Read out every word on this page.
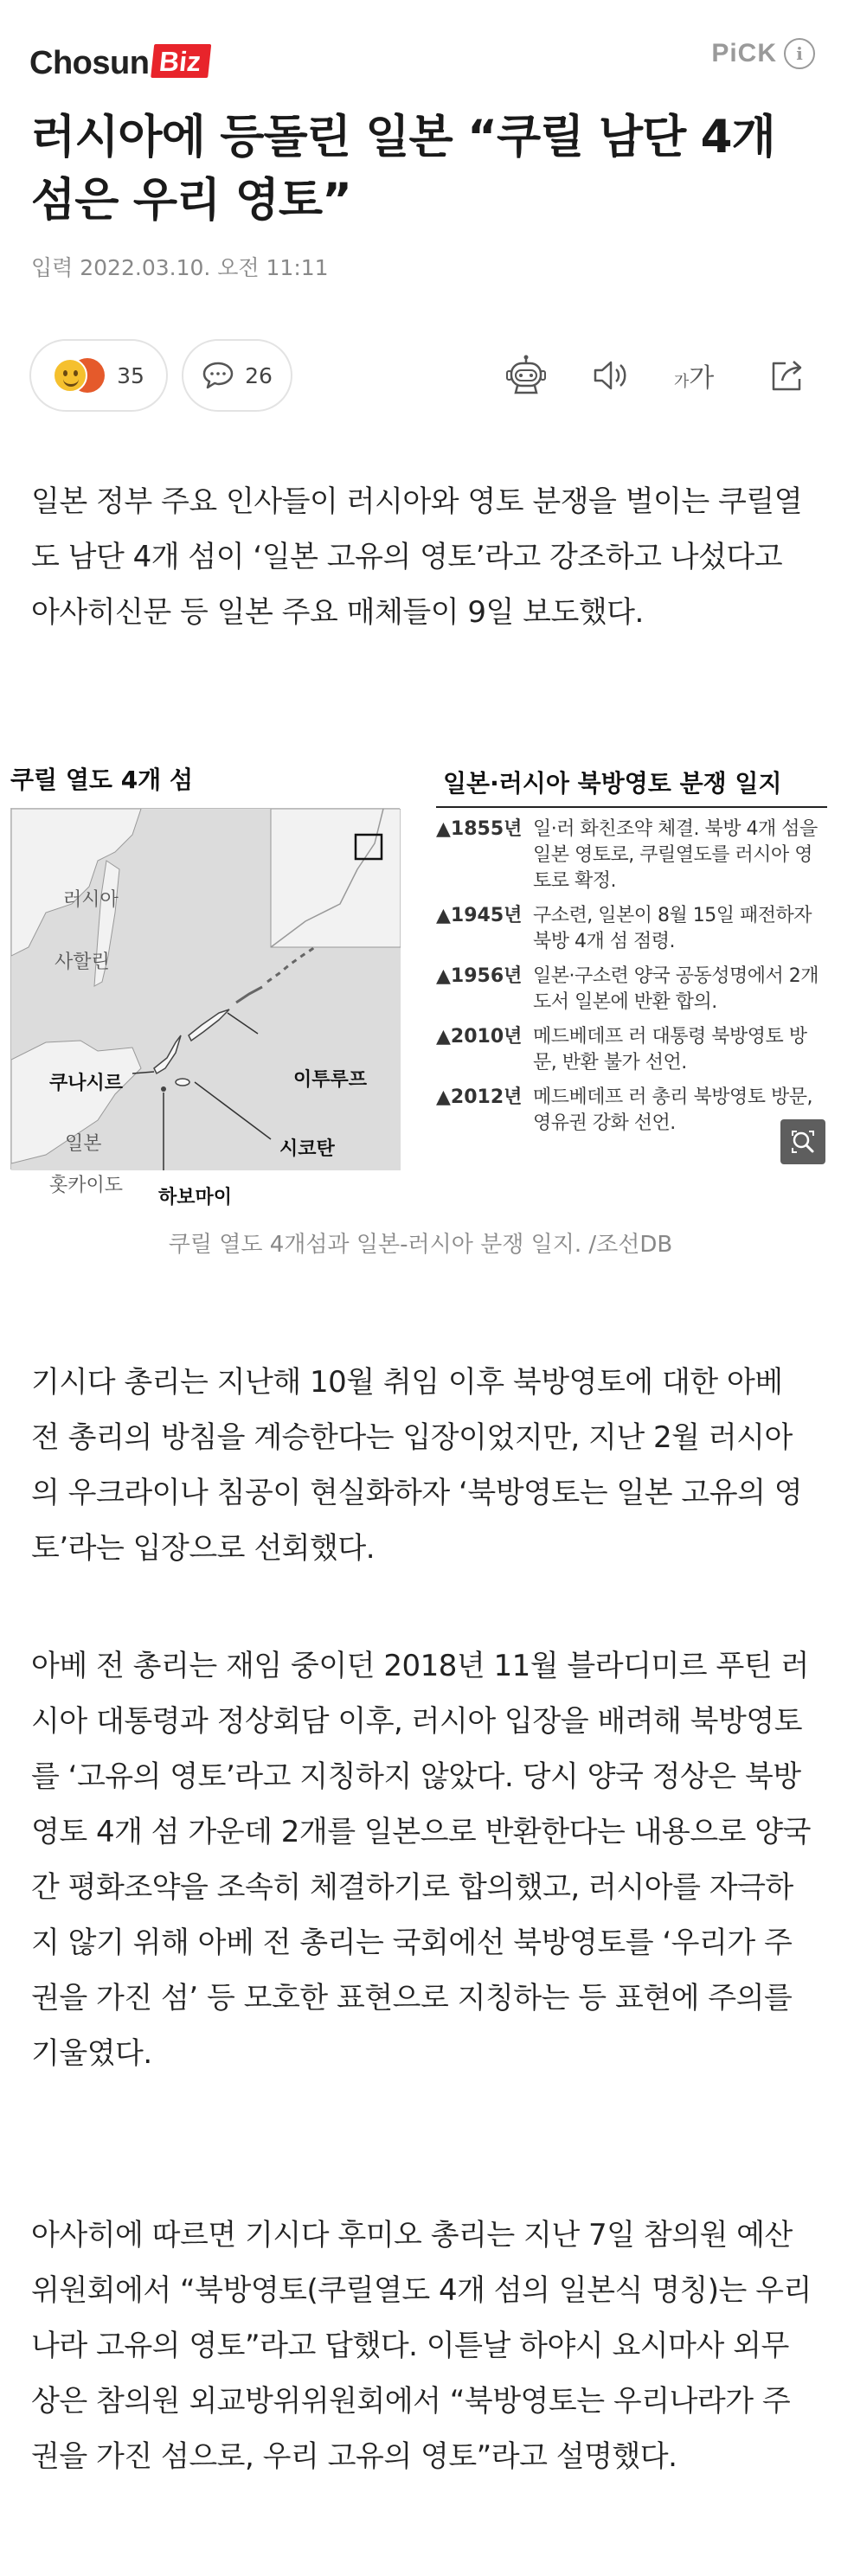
Chosun Biz	PiCK	i
러시아에 등돌린 일본 “쿠릴 남단 4개 섬은 우리 영토”
입력 2022.03.10. 오전 11:11
35	26	가가

일본 정부 주요 인사들이 러시아와 영토 분쟁을 벌이는 쿠릴열도 남단 4개 섬이 ‘일본 고유의 영토’라고 강조하고 나섰다고 아사히신문 등 일본 주요 매체들이 9일 보도했다.

쿠릴 열도 4개 섬
러시아
사할린
쿠나시르	이투루프
일본	시코탄
홋카이도
하보마이
일본·러시아 북방영토 분쟁 일지
▲1855년 일·러 화친조약 체결. 북방 4개 섬을 일본 영토로, 쿠릴열도를 러시아 영토로 확정.
▲1945년 구소련, 일본이 8월 15일 패전하자 북방 4개 섬 점령.
▲1956년 일본·구소련 양국 공동성명에서 2개 도서 일본에 반환 합의.
▲2010년 메드베데프 러 대통령 북방영토 방문, 반환 불가 선언.
▲2012년 메드베데프 러 총리 북방영토 방문, 영유권 강화 선언.
쿠릴 열도 4개섬과 일본-러시아 분쟁 일지. /조선DB

기시다 총리는 지난해 10월 취임 이후 북방영토에 대한 아베 전 총리의 방침을 계승한다는 입장이었지만, 지난 2월 러시아의 우크라이나 침공이 현실화하자 ‘북방영토는 일본 고유의 영토’라는 입장으로 선회했다.

아베 전 총리는 재임 중이던 2018년 11월 블라디미르 푸틴 러시아 대통령과 정상회담 이후, 러시아 입장을 배려해 북방영토를 ‘고유의 영토’라고 지칭하지 않았다. 당시 양국 정상은 북방영토 4개 섬 가운데 2개를 일본으로 반환한다는 내용으로 양국 간 평화조약을 조속히 체결하기로 합의했고, 러시아를 자극하지 않기 위해 아베 전 총리는 국회에선 북방영토를 ‘우리가 주권을 가진 섬’ 등 모호한 표현으로 지칭하는 등 표현에 주의를 기울였다.

아사히에 따르면 기시다 후미오 총리는 지난 7일 참의원 예산위원회에서 “북방영토(쿠릴열도 4개 섬의 일본식 명칭)는 우리나라 고유의 영토”라고 답했다. 이튿날 하야시 요시마사 외무상은 참의원 외교방위위원회에서 “북방영토는 우리나라가 주권을 가진 섬으로, 우리 고유의 영토”라고 설명했다.
